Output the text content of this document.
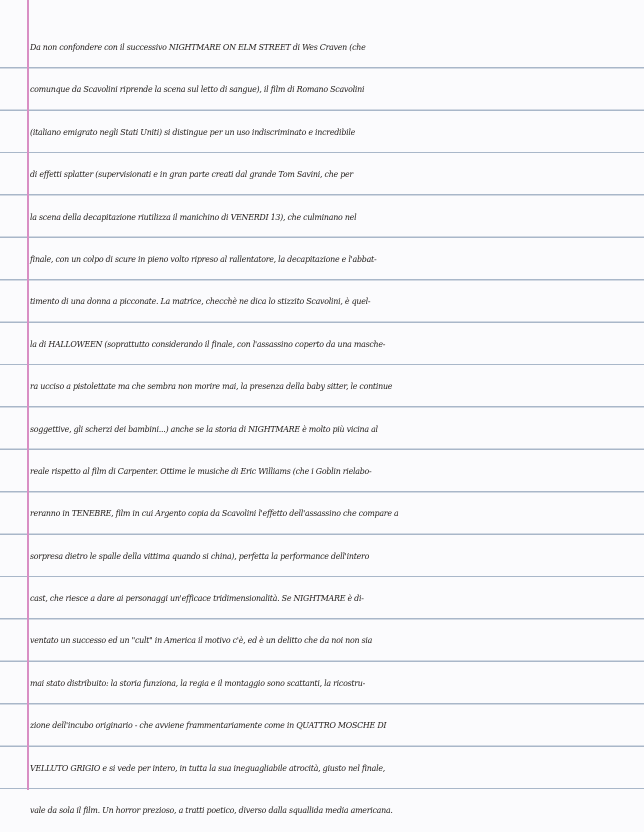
Da non confondere con il successivo NIGHTMARE ON ELM STREET di Wes Craven (che
comunque da Scavolini riprende la scena sul letto di sangue), il film di Romano Scavolini
(italiano emigrato negli Stati Uniti) si distingue per un uso indiscriminato e incredibile
di effetti splatter (supervisionati e in gran parte creati dal grande Tom Savini, che per
la scena della decapitazione riutilizza il manichino di VENERDI 13), che culminano nel
finale, con un colpo di scure in pieno volto ripreso al rallentatore, la decapitazione e l'abbat-
timento di una donna a picconate. La matrice, checchè ne dica lo stizzito Scavolini, è quel-
la di HALLOWEEN (soprattutto considerando il finale, con l'assassino coperto da una masche-
ra ucciso a pistolettate ma che sembra non morire mai, la presenza della baby sitter, le continue
soggettive, gli scherzi dei bambini...) anche se la storia di NIGHTMARE è molto più vicina al
reale rispetto al film di Carpenter. Ottime le musiche di Eric Williams (che i Goblin rielabo-
reranno in TENEBRE, film in cui Argento copia da Scavolini l'effetto dell'assassino che compare a
sorpresa dietro le spalle della vittima quando si china), perfetta la performance dell'intero
cast, che riesce a dare ai personaggi un'efficace tridimensionalità. Se NIGHTMARE è di-
ventato un successo ed un "cult" in America il motivo c'è, ed è un delitto che da noi non sia
mai stato distribuito: la storia funziona, la regia e il montaggio sono scattanti, la ricostru-
zione dell'incubo originario - che avviene frammentariamente come in QUATTRO MOSCHE DI
VELLUTO GRIGIO e si vede per intero, in tutta la sua ineguagliabile atrocità, giusto nel finale,
vale da sola il film. Un horror prezioso, a tratti poetico, diverso dalla squallida media americana.
